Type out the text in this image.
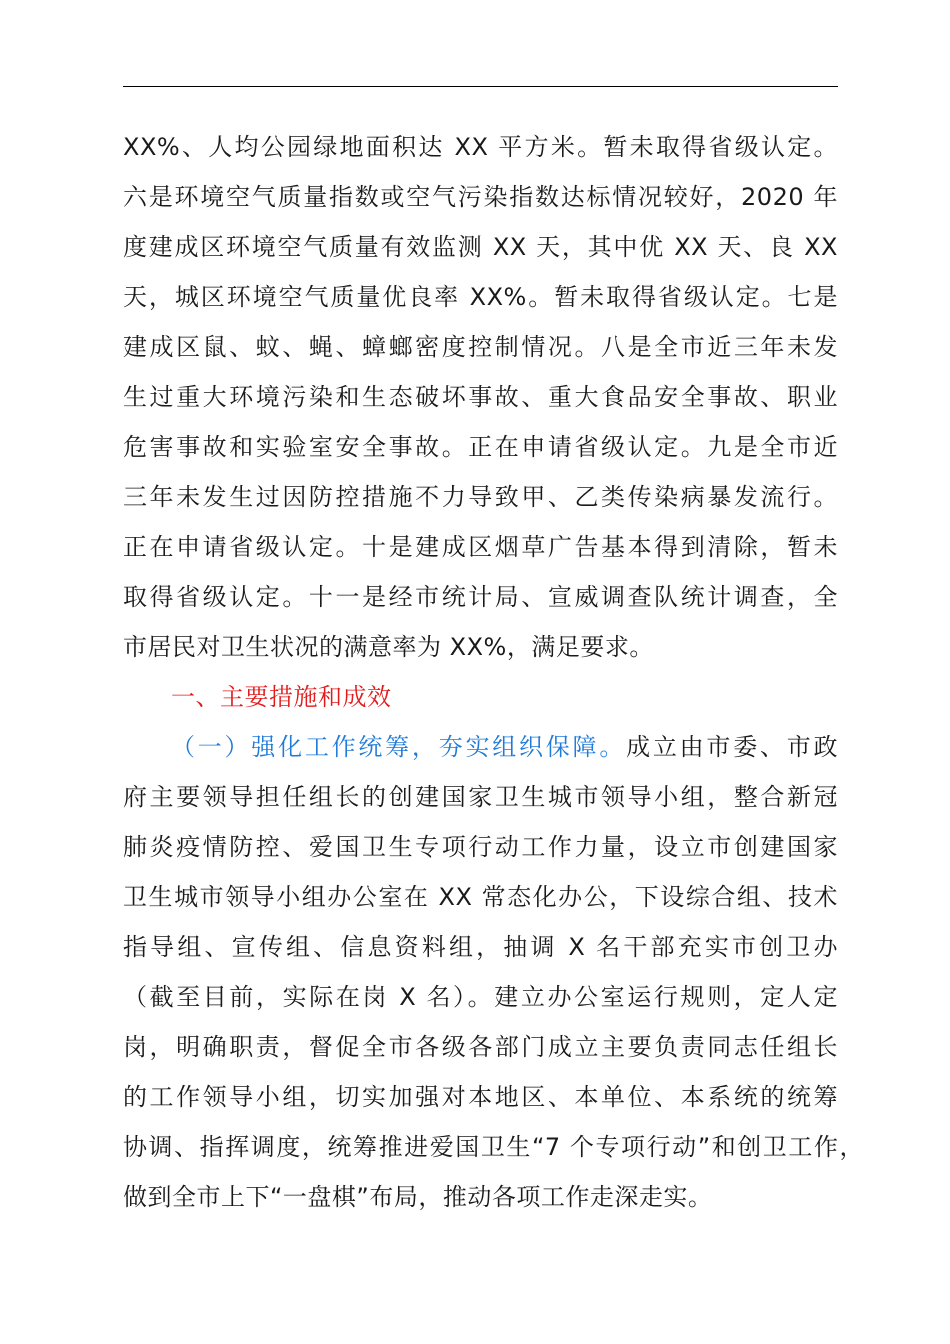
XX%、人均公园绿地面积达 XX 平方米。暂未取得省级认定。
六是环境空气质量指数或空气污染指数达标情况较好，2020 年
度建成区环境空气质量有效监测 XX 天，其中优 XX 天、良 XX
天，城区环境空气质量优良率 XX%。暂未取得省级认定。七是
建成区鼠、蚊、蝇、蟑螂密度控制情况。八是全市近三年未发
生过重大环境污染和生态破坏事故、重大食品安全事故、职业
危害事故和实验室安全事故。正在申请省级认定。九是全市近
三年未发生过因防控措施不力导致甲、乙类传染病暴发流行。
正在申请省级认定。十是建成区烟草广告基本得到清除，暂未
取得省级认定。十一是经市统计局、宣威调查队统计调查，全
市居民对卫生状况的满意率为 XX%，满足要求。
一、主要措施和成效
（一）强化工作统筹，夯实组织保障。成立由市委、市政
府主要领导担任组长的创建国家卫生城市领导小组，整合新冠
肺炎疫情防控、爱国卫生专项行动工作力量，设立市创建国家
卫生城市领导小组办公室在 XX 常态化办公，下设综合组、技术
指导组、宣传组、信息资料组，抽调 X 名干部充实市创卫办
（截至目前，实际在岗 X 名）。建立办公室运行规则，定人定
岗，明确职责，督促全市各级各部门成立主要负责同志任组长
的工作领导小组，切实加强对本地区、本单位、本系统的统筹
协调、指挥调度，统筹推进爱国卫生“7 个专项行动”和创卫工作，
做到全市上下“一盘棋”布局，推动各项工作走深走实。
